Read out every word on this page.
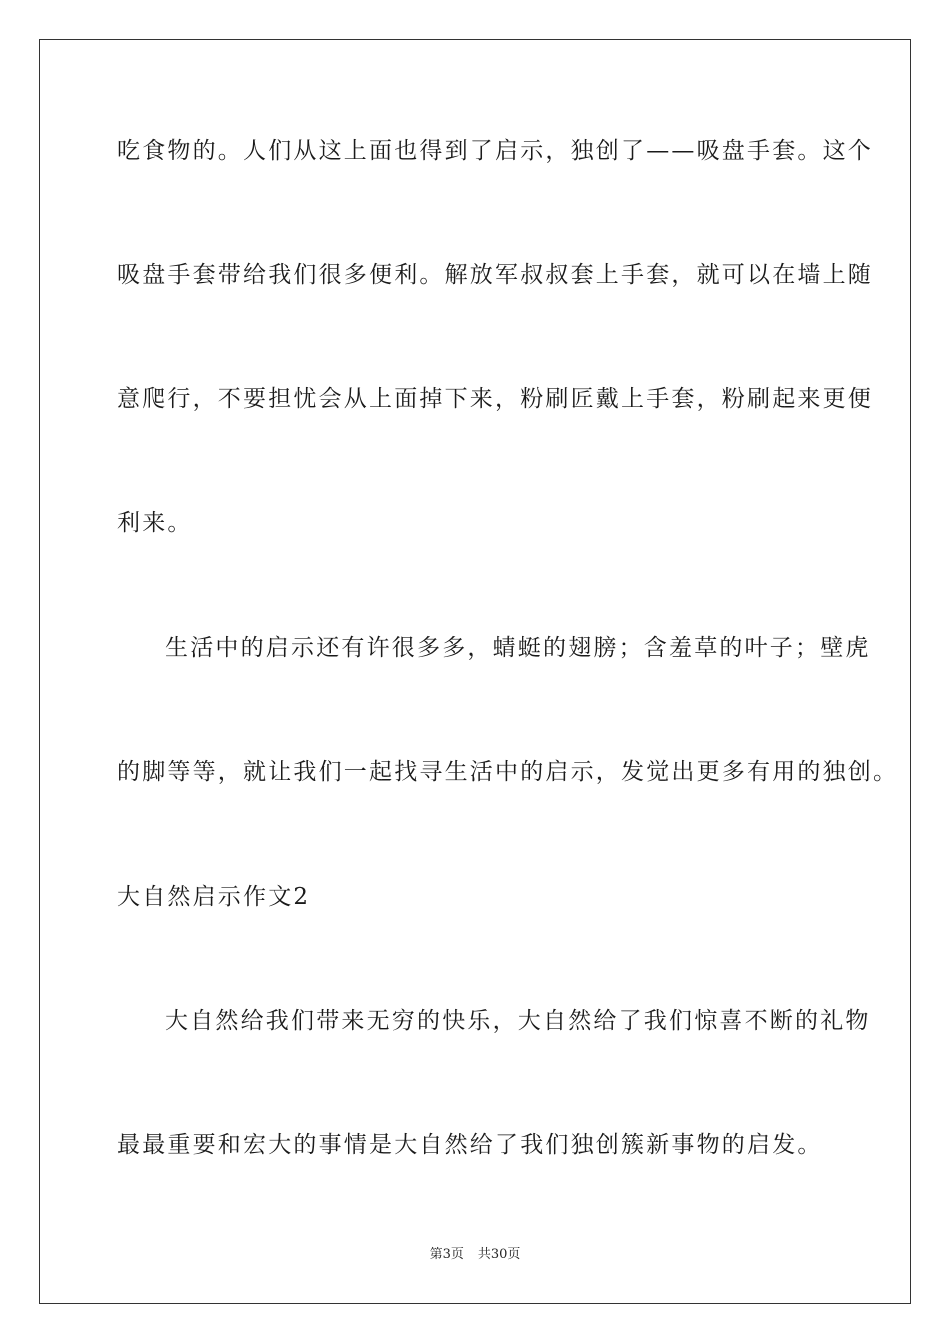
吃食物的。人们从这上面也得到了启示，独创了——吸盘手套。这个
吸盘手套带给我们很多便利。解放军叔叔套上手套，就可以在墙上随
意爬行，不要担忧会从上面掉下来，粉刷匠戴上手套，粉刷起来更便
利来。
生活中的启示还有许很多多，蜻蜓的翅膀；含羞草的叶子；壁虎
的脚等等，就让我们一起找寻生活中的启示，发觉出更多有用的独创。
大自然启示作文2
大自然给我们带来无穷的快乐，大自然给了我们惊喜不断的礼物
最最重要和宏大的事情是大自然给了我们独创簇新事物的启发。
第3页 共30页
